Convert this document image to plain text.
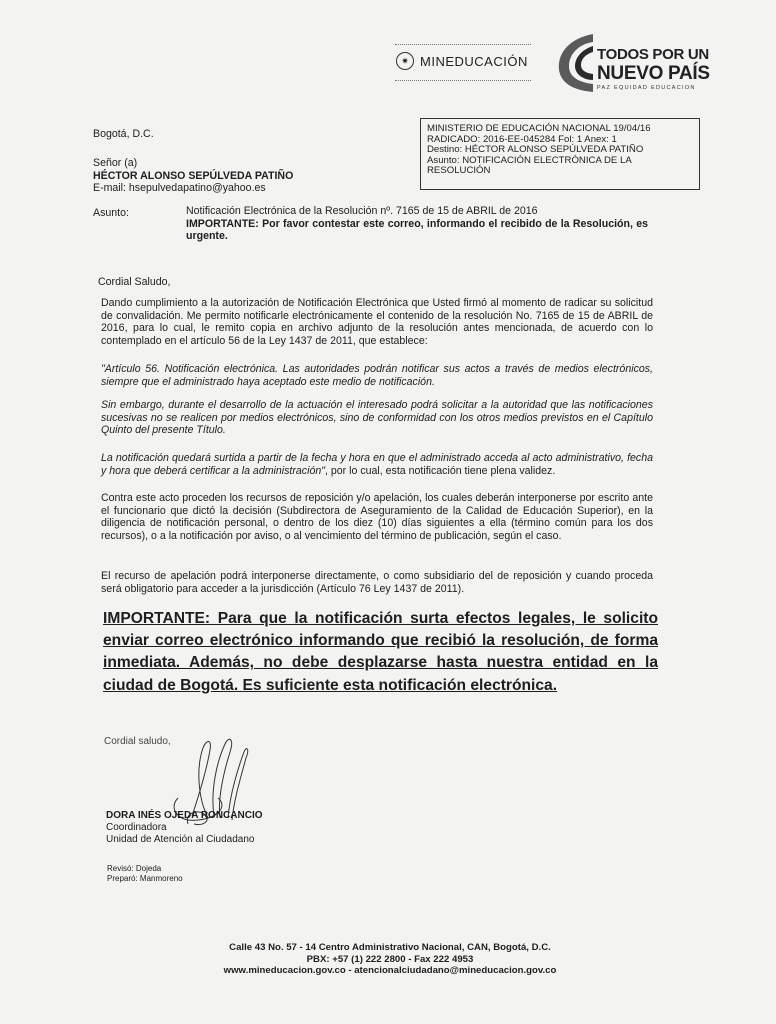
✷ MINEDUCACIÓN	TODOS POR UN
NUEVO PAÍS
PAZ EQUIDAD EDUCACION
Bogotá, D.C.	MINISTERIO DE EDUCACIÓN NACIONAL 19/04/16
RADICADO: 2016-EE-045284 Fol: 1 Anex: 1
Destino: HÉCTOR ALONSO SEPÚLVEDA PATIÑO
Asunto: NOTIFICACIÓN ELECTRÓNICA DE LA
RESOLUCIÓN
Señor (a)
HÉCTOR ALONSO SEPÚLVEDA PATIÑO
E-mail: hsepulvedapatino@yahoo.es
Asunto:	Notificación Electrónica de la Resolución nº. 7165 de 15 de ABRIL de 2016
IMPORTANTE: Por favor contestar este correo, informando el recibido de la Resolución, es urgente.
Cordial Saludo,
Dando cumplimiento a la autorización de Notificación Electrónica que Usted firmó al momento de radicar su solicitud de convalidación. Me permito notificarle electrónicamente el contenido de la resolución No. 7165 de 15 de ABRIL de 2016, para lo cual, le remito copia en archivo adjunto de la resolución antes mencionada, de acuerdo con lo contemplado en el artículo 56 de la Ley 1437 de 2011, que establece:
"Artículo 56. Notificación electrónica. Las autoridades podrán notificar sus actos a través de medios electrónicos, siempre que el administrado haya aceptado este medio de notificación.
Sin embargo, durante el desarrollo de la actuación el interesado podrá solicitar a la autoridad que las notificaciones sucesivas no se realicen por medios electrónicos, sino de conformidad con los otros medios previstos en el Capítulo Quinto del presente Título.
La notificación quedará surtida a partir de la fecha y hora en que el administrado acceda al acto administrativo, fecha y hora que deberá certificar a la administración", por lo cual, esta notificación tiene plena validez.
Contra este acto proceden los recursos de reposición y/o apelación, los cuales deberán interponerse por escrito ante el funcionario que dictó la decisión (Subdirectora de Aseguramiento de la Calidad de Educación Superior), en la diligencia de notificación personal, o dentro de los diez (10) días siguientes a ella (término común para los dos recursos), o a la notificación por aviso, o al vencimiento del término de publicación, según el caso.
El recurso de apelación podrá interponerse directamente, o como subsidiario del de reposición y cuando proceda será obligatorio para acceder a la jurisdicción (Artículo 76 Ley 1437 de 2011).
IMPORTANTE: Para que la notificación surta efectos legales, le solicito enviar correo electrónico informando que recibió la resolución, de forma inmediata. Además, no debe desplazarse hasta nuestra entidad en la ciudad de Bogotá. Es suficiente esta notificación electrónica.
Cordial saludo,
DORA INÉS OJEDA RONCANCIO
Coordinadora
Unidad de Atención al Ciudadano
Revisó: Dojeda
Preparó: Manmoreno
Calle 43 No. 57 - 14 Centro Administrativo Nacional, CAN, Bogotá, D.C.
PBX: +57 (1) 222 2800 - Fax 222 4953
www.mineducacion.gov.co - atencionalciudadano@mineducacion.gov.co
